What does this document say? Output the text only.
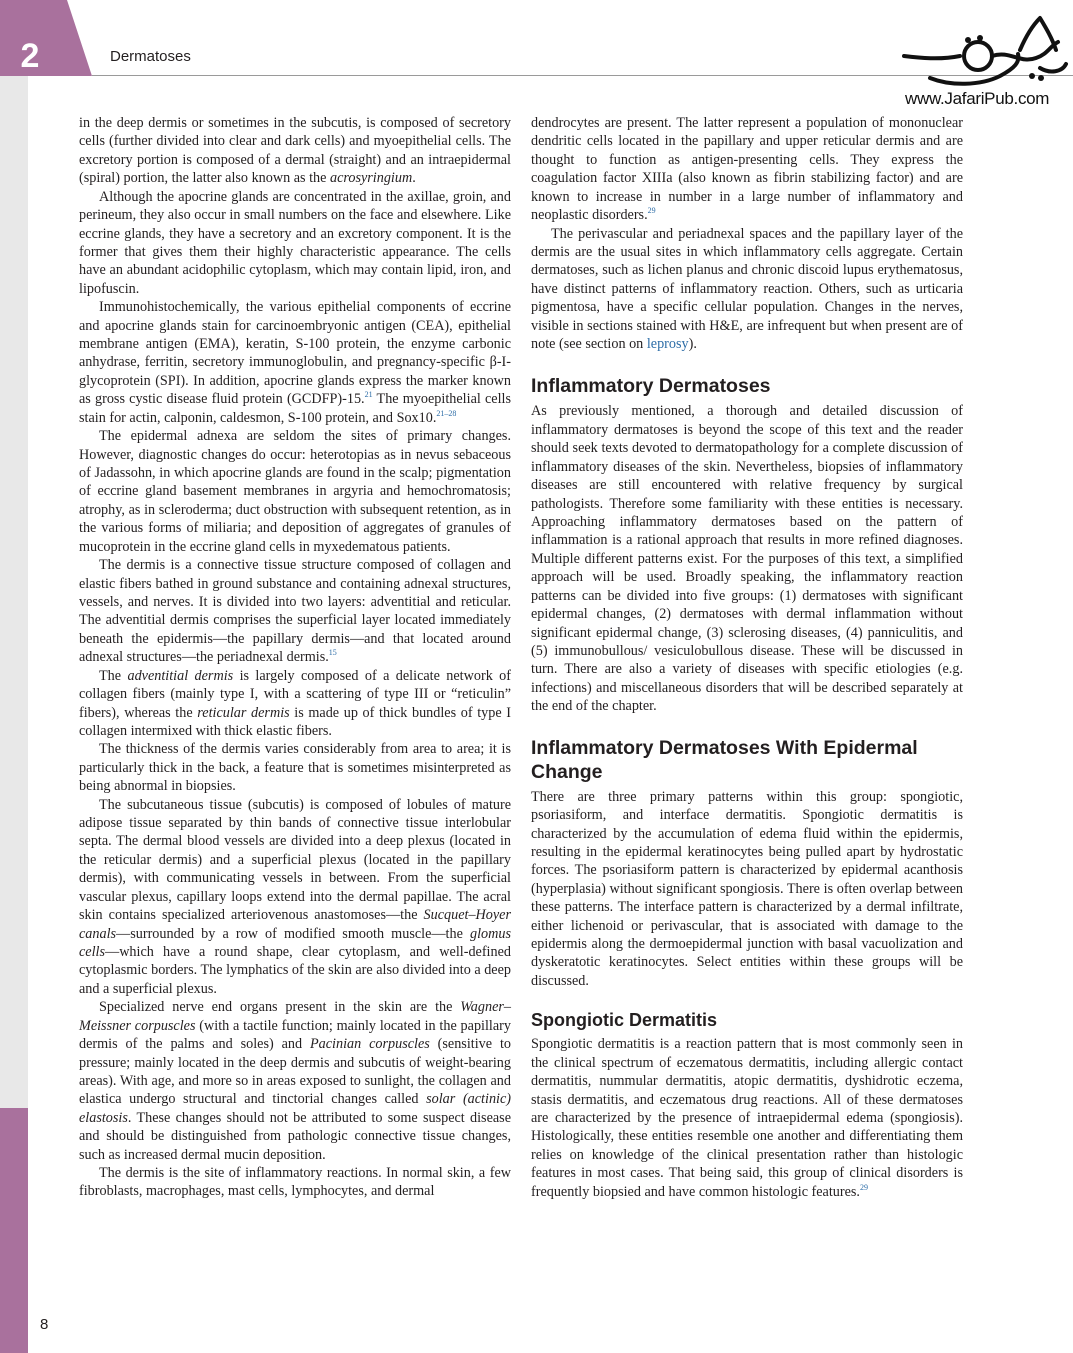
2	Dermatoses
www.JafariPub.com

in the deep dermis or sometimes in the subcutis, is composed of secretory cells (further divided into clear and dark cells) and myoepithelial cells. The excretory portion is composed of a dermal (straight) and an intraepidermal (spiral) portion, the latter also known as the acrosyringium.

Although the apocrine glands are concentrated in the axillae, groin, and perineum, they also occur in small numbers on the face and elsewhere. Like eccrine glands, they have a secretory and an excretory component. It is the former that gives them their highly characteristic appearance. The cells have an abundant acidophilic cytoplasm, which may contain lipid, iron, and lipofuscin.

Immunohistochemically, the various epithelial components of eccrine and apocrine glands stain for carcinoembryonic antigen (CEA), epithelial membrane antigen (EMA), keratin, S-100 protein, the enzyme carbonic anhydrase, ferritin, secretory immunoglobulin, and pregnancy-specific β-I-glycoprotein (SPI). In addition, apocrine glands express the marker known as gross cystic disease fluid protein (GCDFP)-15.21 The myoepithelial cells stain for actin, calponin, caldesmon, S-100 protein, and Sox10.$^{21-28}$

The epidermal adnexa are seldom the sites of primary changes. However, diagnostic changes do occur: heterotopias as in nevus sebaceous of Jadassohn, in which apocrine glands are found in the scalp; pigmentation of eccrine gland basement membranes in argyria and hemochromatosis; atrophy, as in scleroderma; duct obstruction with subsequent retention, as in the various forms of miliaria; and deposition of aggregates of granules of mucoprotein in the eccrine gland cells in myxedematous patients.

The dermis is a connective tissue structure composed of collagen and elastic fibers bathed in ground substance and containing adnexal structures, vessels, and nerves. It is divided into two layers: adventitial and reticular. The adventitial dermis comprises the superficial layer located immediately beneath the epidermis—the papillary dermis—and that located around adnexal structures—the periadnexal dermis.$^{15}$

The adventitial dermis is largely composed of a delicate network of collagen fibers (mainly type I, with a scattering of type III or “reticulin” fibers), whereas the reticular dermis is made up of thick bundles of type I collagen intermixed with thick elastic fibers.

The thickness of the dermis varies considerably from area to area; it is particularly thick in the back, a feature that is sometimes misinterpreted as being abnormal in biopsies.

The subcutaneous tissue (subcutis) is composed of lobules of mature adipose tissue separated by thin bands of connective tissue interlobular septa. The dermal blood vessels are divided into a deep plexus (located in the reticular dermis) and a superficial plexus (located in the papillary dermis), with communicating vessels in between. From the superficial vascular plexus, capillary loops extend into the dermal papillae. The acral skin contains specialized arteriovenous anastomoses—the Sucquet–Hoyer canals—surrounded by a row of modified smooth muscle—the glomus cells—which have a round shape, clear cytoplasm, and well-defined cytoplasmic borders. The lymphatics of the skin are also divided into a deep and a superficial plexus.

Specialized nerve end organs present in the skin are the Wagner–Meissner corpuscles (with a tactile function; mainly located in the papillary dermis of the palms and soles) and Pacinian corpuscles (sensitive to pressure; mainly located in the deep dermis and subcutis of weight-bearing areas). With age, and more so in areas exposed to sunlight, the collagen and elastica undergo structural and tinctorial changes called solar (actinic) elastosis. These changes should not be attributed to some suspect disease and should be distinguished from pathologic connective tissue changes, such as increased dermal mucin deposition.

The dermis is the site of inflammatory reactions. In normal skin, a few fibroblasts, macrophages, mast cells, lymphocytes, and dermal

dendrocytes are present. The latter represent a population of mononuclear dendritic cells located in the papillary and upper reticular dermis and are thought to function as antigen-presenting cells. They express the coagulation factor XIIIa (also known as fibrin stabilizing factor) and are known to increase in number in a large number of inflammatory and neoplastic disorders.$^{29}$

The perivascular and periadnexal spaces and the papillary layer of the dermis are the usual sites in which inflammatory cells aggregate. Certain dermatoses, such as lichen planus and chronic discoid lupus erythematosus, have distinct patterns of inflammatory reaction. Others, such as urticaria pigmentosa, have a specific cellular population. Changes in the nerves, visible in sections stained with H&E, are infrequent but when present are of note (see section on leprosy).

Inflammatory Dermatoses

As previously mentioned, a thorough and detailed discussion of inflammatory dermatoses is beyond the scope of this text and the reader should seek texts devoted to dermatopathology for a complete discussion of inflammatory diseases of the skin. Nevertheless, biopsies of inflammatory diseases are still encountered with relative frequency by surgical pathologists. Therefore some familiarity with these entities is necessary. Approaching inflammatory dermatoses based on the pattern of inflammation is a rational approach that results in more refined diagnoses. Multiple different patterns exist. For the purposes of this text, a simplified approach will be used. Broadly speaking, the inflammatory reaction patterns can be divided into five groups: (1) dermatoses with significant epidermal changes, (2) dermatoses with dermal inflammation without significant epidermal change, (3) sclerosing diseases, (4) panniculitis, and (5) immunobullous/ vesiculobullous disease. These will be discussed in turn. There are also a variety of diseases with specific etiologies (e.g. infections) and miscellaneous disorders that will be described separately at the end of the chapter.

Inflammatory Dermatoses With Epidermal Change

There are three primary patterns within this group: spongiotic, psoriasiform, and interface dermatitis. Spongiotic dermatitis is characterized by the accumulation of edema fluid within the epidermis, resulting in the epidermal keratinocytes being pulled apart by hydrostatic forces. The psoriasiform pattern is characterized by epidermal acanthosis (hyperplasia) without significant spongiosis. There is often overlap between these patterns. The interface pattern is characterized by a dermal infiltrate, either lichenoid or perivascular, that is associated with damage to the epidermis along the dermoepidermal junction with basal vacuolization and dyskeratotic keratinocytes. Select entities within these groups will be discussed.

Spongiotic Dermatitis

Spongiotic dermatitis is a reaction pattern that is most commonly seen in the clinical spectrum of eczematous dermatitis, including allergic contact dermatitis, nummular dermatitis, atopic dermatitis, dyshidrotic eczema, stasis dermatitis, and eczematous drug reactions. All of these dermatoses are characterized by the presence of intraepidermal edema (spongiosis). Histologically, these entities resemble one another and differentiating them relies on knowledge of the clinical presentation rather than histologic features in most cases. That being said, this group of clinical disorders is frequently biopsied and have common histologic features.$^{29}$

8
